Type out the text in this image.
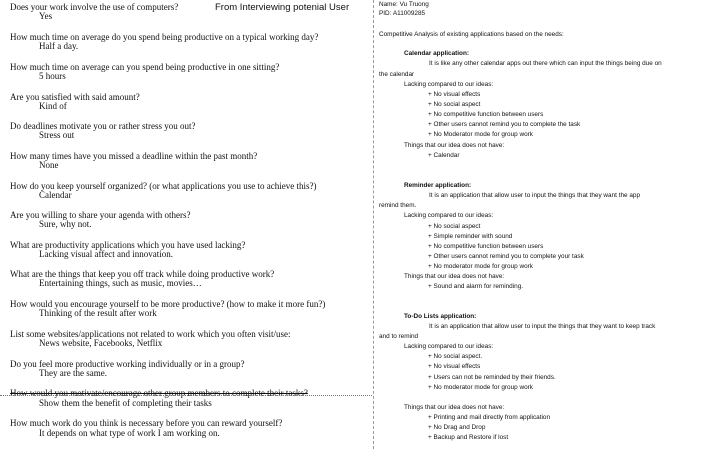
From Interviewing potenial User
Does your work involve the use of computers?
Yes
How much time on average do you spend being productive on a typical working day?
Half a day.
How much time on average can you spend being productive in one sitting?
5 hours
Are you satisfied with said amount?
Kind of
Do deadlines motivate you or rather stress you out?
Stress out
How many times have you missed a deadline within the past month?
None
How do you keep yourself organized? (or what applications you use to achieve this?)
Calendar
Are you willing to share your agenda with others?
Sure, why not.
What are productivity applications which you have used lacking?
Lacking visual affect and innovation.
What are the things that keep you off track while doing productive work?
Entertaining things, such as music, movies…
How would you encourage yourself to be more productive? (how to make it more fun?)
Thinking of the result after work
List some websites/applications not related to work which you often visit/use:
News website, Facebooks, Netflix
Do you feel more productive working individually or in a group?
They are the same.
How would you motivate/encourage other group members to complete their tasks?
Show them the benefit of completing their tasks
How much work do you think is necessary before you can reward yourself?
It depends on what type of work I am working on.
Name: Vu Truong
PID: A11009285
Competitive Analysis of existing applications based on the needs:
Calendar application:
It is like any other calendar apps out there which can input the things being due on
the calendar
Lacking compared to our ideas:
+ No visual effects
+ No social aspect
+ No competitive function between users
+ Other users cannot remind you to complete the task
+ No Moderator mode for group work
Things that our idea does not have:
+ Calendar
Reminder application:
It is an application that allow user to input the things that they want the app
remind them.
Lacking compared to our ideas:
+ No social aspect
+ Simple reminder with sound
+ No competitive function between users
+ Other users cannot remind you to complete your task
+ No moderator mode for group work
Things that our idea does not have:
+ Sound and alarm for reminding.
To-Do Lists application:
It is an application that allow user to input the things that they want to keep track
and to remind
Lacking compared to our ideas:
+ No social aspect.
+ No visual effects
+ Users can not be reminded by their friends.
+ No moderator mode for group work
Things that our idea does not have:
+ Printing and mail directly from application
+ No Drag and Drop
+ Backup and Restore if lost
